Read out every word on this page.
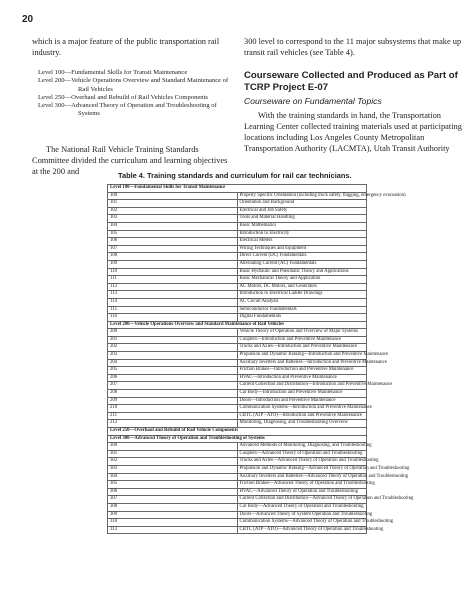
20

which is a major feature of the public transportation rail industry.

Level 100—Fundamental Skills for Transit Maintenance
Level 200—Vehicle Operations Overview and Standard Maintenance of Rail Vehicles
Level 250—Overhaul and Rebuild of Rail Vehicles Components
Level 300—Advanced Theory of Operation and Troubleshooting of Systems

The National Rail Vehicle Training Standards Committee divided the curriculum and learning objectives at the 200 and

300 level to correspond to the 11 major subsystems that make up transit rail vehicles (see Table 4).

Courseware Collected and Produced as Part of TCRP Project E-07
Courseware on Fundamental Topics

With the training standards in hand, the Transportation Learning Center collected training materials used at participating locations including Los Angeles County Metropolitan Transportation Authority (LACMTA), Utah Transit Authority

Table 4. Training standards and curriculum for rail car technicians.
Level 100—Fundamental Skills for Transit Maintenance	
100	Property Specific Orientation (including truck safety, flagging, emergency evacuation)
101	Orientation and Background
102	Electrical and Job Safety
103	Tools and Material Handling
104	Basic Mathematics
105	Introduction to Electricity
106	Electrical Meters
107	Wiring Techniques and Equipment
108	Direct Current (DC) Fundamentals
109	Alternating Current (AC) Fundamentals
110	Basic Hydraulic and Pneumatic Theory and Applications
111	Basic Mechanical Theory and Application
112	AC Motors, DC Motors, and Generators
113	Introduction to Electrical Ladder Drawings
114	AC Circuit Analysis
115	Semiconductor Fundamentals
116	Digital Fundamentals
Level 200—Vehicle Operations Overview and Standard Maintenance of Rail Vehicles	
200	Vehicle Theory of Operation and Overview of Major Systems
201	Couplers—Introduction and Preventive Maintenance
202	Trucks and Axles—Introduction and Preventive Maintenance
203	Propulsion and Dynamic Braking—Introduction and Preventive Maintenance
204	Auxiliary Inverters and Batteries—Introduction and Preventive Maintenance
205	Friction Brakes—Introduction and Preventive Maintenance
206	HVAC—Introduction and Preventive Maintenance
207	Current Collection and Distribution—Introduction and Preventive Maintenance
208	Car Body—Introduction and Preventive Maintenance
209	Doors—Introduction and Preventive Maintenance
210	Communication Systems—Introduction and Preventive Maintenance
211	CBTC (ATP - ATO)—Introduction and Preventive Maintenance
212	Monitoring, Diagnosing, and Troubleshooting Overview
Level 250—Overhaul and Rebuild of Rail Vehicle Components	
Level 300—Advanced Theory of Operation and Troubleshooting of Systems	
300	Advanced Methods of Monitoring, Diagnosing, and Troubleshooting
301	Couplers—Advanced Theory of Operation and Troubleshooting
302	Trucks and Axles—Advanced Theory of Operation and Troubleshooting
303	Propulsion and Dynamic Braking—Advanced Theory of Operation and Troubleshooting
304	Auxiliary Inverters and Batteries—Advanced Theory of Operation and Troubleshooting
305	Friction Brakes—Advanced Theory of Operation and Troubleshooting
306	HVAC—Advanced Theory of Operation and Troubleshooting
307	Current Collection and Distribution—Advanced Theory of Operation and Troubleshooting
308	Car Body—Advanced Theory of Operation and Troubleshooting
309	Doors—Advanced Theory of System Operation and Troubleshooting
310	Communication Systems—Advanced Theory of Operation and Troubleshooting
312	CBTC (ATP - ATO)—Advanced Theory of Operation and Troubleshooting
